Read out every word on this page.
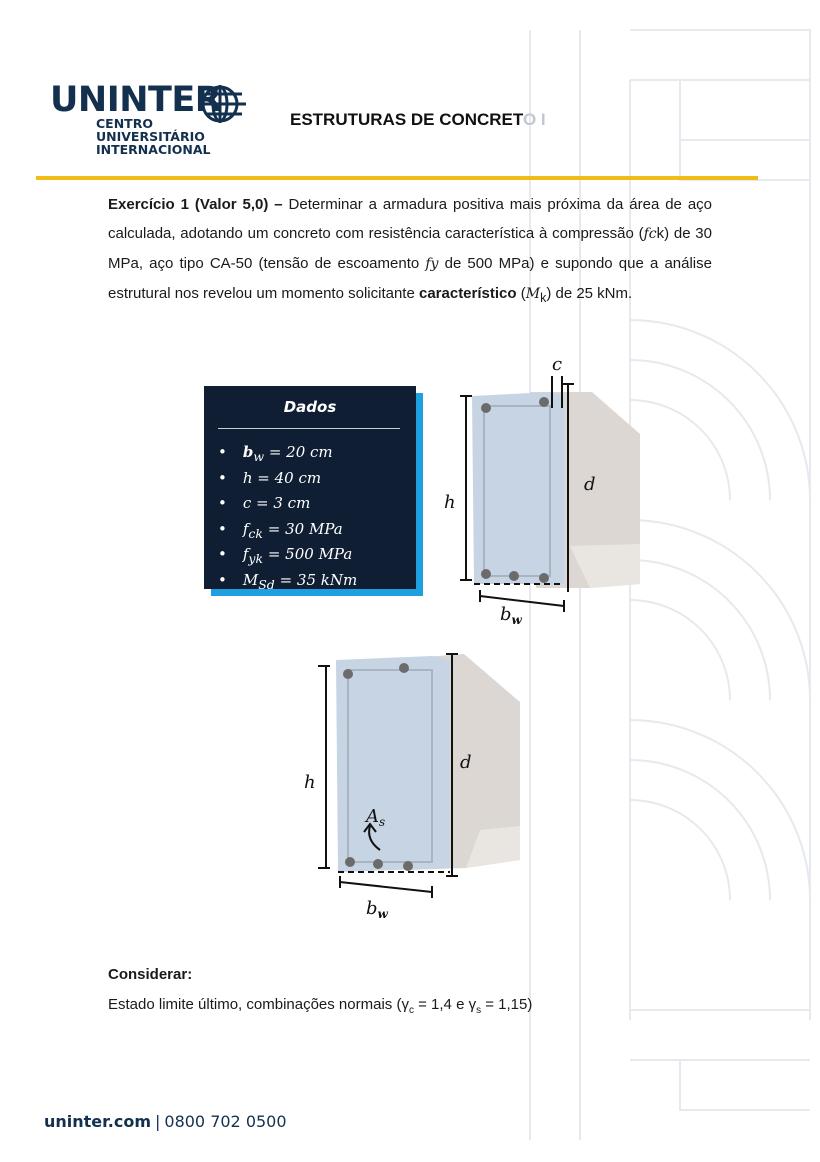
UNINTER
CENTRO
UNIVERSITÁRIO
INTERNACIONAL
ESTRUTURAS DE CONCRETO I
Exercício 1 (Valor 5,0) – Determinar a armadura positiva mais próxima da área de aço calculada, adotando um concreto com resistência característica à compressão (fck) de 30 MPa, aço tipo CA-50 (tensão de escoamento fy de 500 MPa) e supondo que a análise estrutural nos revelou um momento solicitante característico $(M_k)$ de 25 kNm.
Dados
• $b_w = 20$ cm
• h = 40 cm
• c = 3 cm
• $f_{ck} = 30$ MPa
• $f_{yk} = 500$ MPa
• $M_{Sd} = 35$ kNm
c
d
h
$b_w$
d
h
$A_s$
$b_w$
Considerar:
Estado limite último, combinações normais ($\gamma_c = 1,4$ e $\gamma_s = 1,15$)
uninter.com | 0800 702 0500
